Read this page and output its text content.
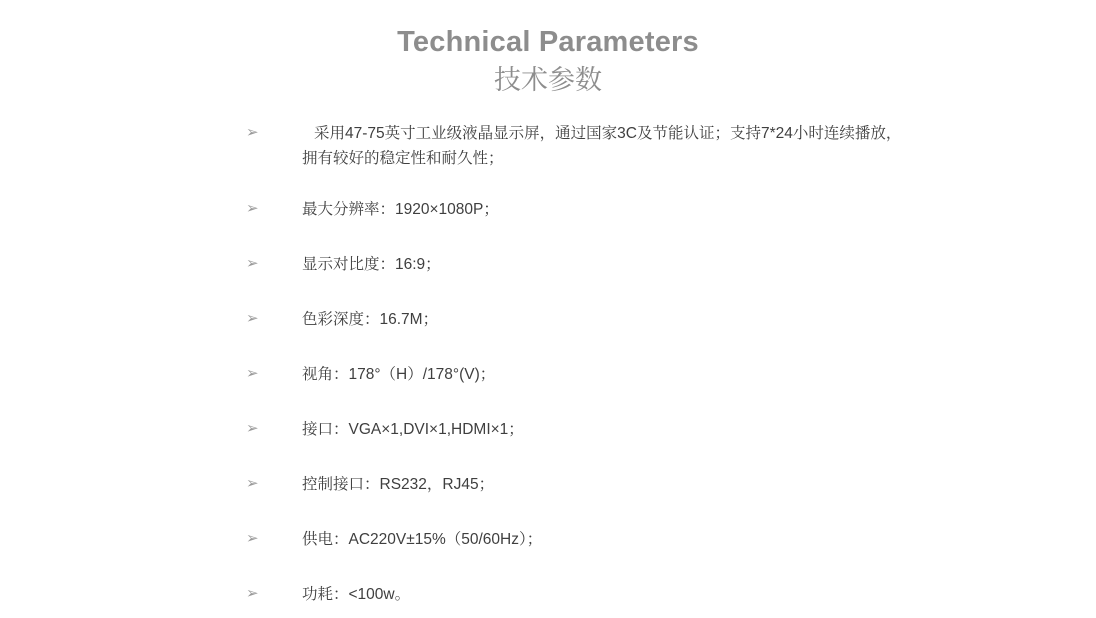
Technical Parameters
技术参数
➢	采用47-75英寸工业级液晶显示屏，通过国家3C及节能认证；支持7*24小时连续播放，拥有较好的稳定性和耐久性；
➢	最大分辨率：1920×1080P；
➢	显示对比度：16:9；
➢	色彩深度：16.7M；
➢	视角：178°（H）/178°(V)；
➢	接口：VGA×1,DVI×1,HDMI×1；
➢	控制接口：RS232，RJ45；
➢	供电：AC220V±15%（50/60Hz）；
➢	功耗：<100w。
